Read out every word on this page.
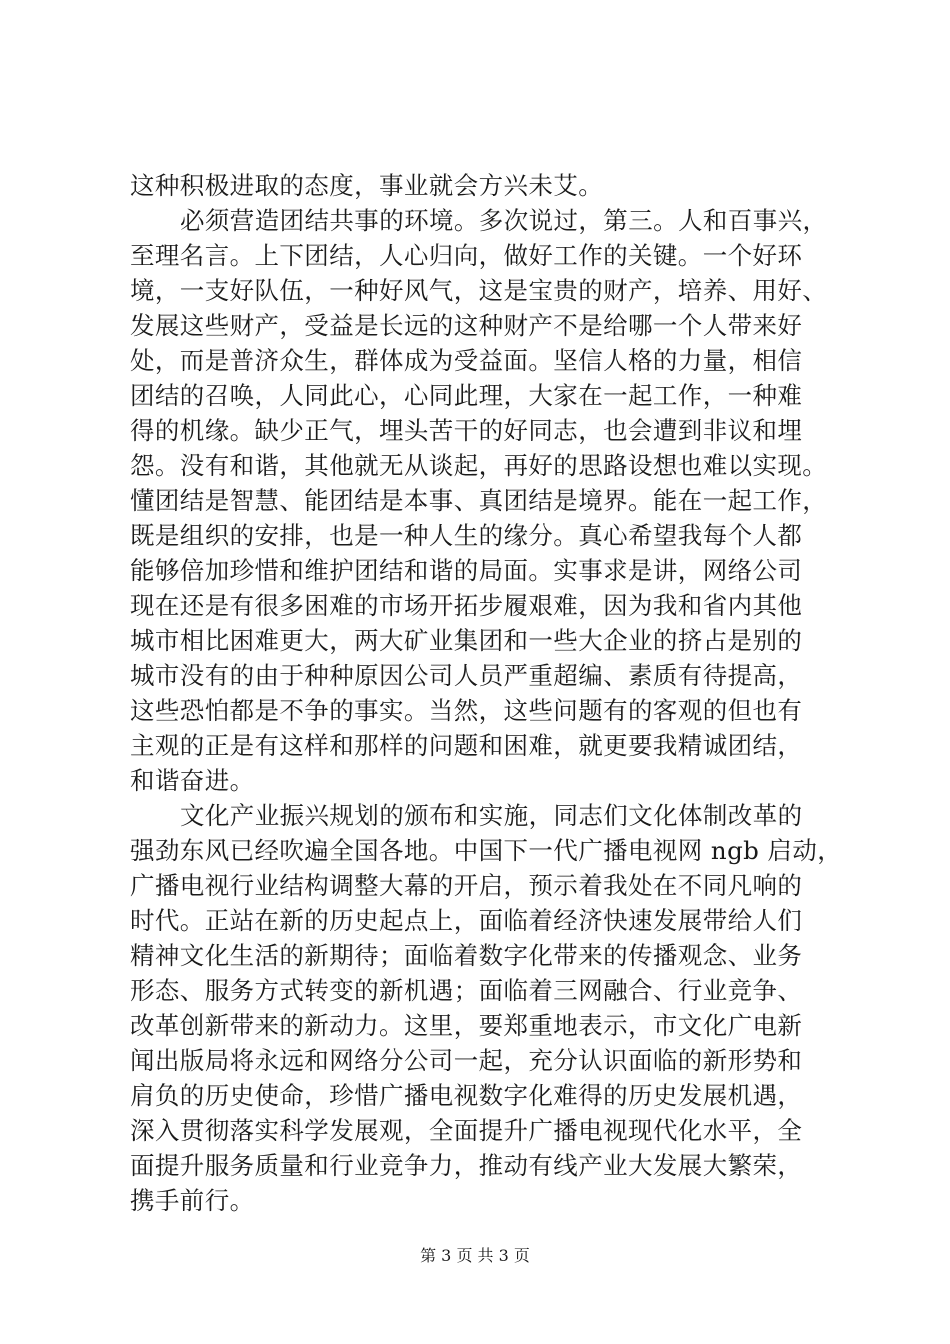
这种积极进取的态度，事业就会方兴未艾。
必须营造团结共事的环境。多次说过，第三。人和百事兴，
至理名言。上下团结，人心归向，做好工作的关键。一个好环
境，一支好队伍，一种好风气，这是宝贵的财产，培养、用好、
发展这些财产，受益是长远的这种财产不是给哪一个人带来好
处，而是普济众生，群体成为受益面。坚信人格的力量，相信
团结的召唤，人同此心，心同此理，大家在一起工作，一种难
得的机缘。缺少正气，埋头苦干的好同志，也会遭到非议和埋
怨。没有和谐，其他就无从谈起，再好的思路设想也难以实现。
懂团结是智慧、能团结是本事、真团结是境界。能在一起工作，
既是组织的安排，也是一种人生的缘分。真心希望我每个人都
能够倍加珍惜和维护团结和谐的局面。实事求是讲，网络公司
现在还是有很多困难的市场开拓步履艰难，因为我和省内其他
城市相比困难更大，两大矿业集团和一些大企业的挤占是别的
城市没有的由于种种原因公司人员严重超编、素质有待提高，
这些恐怕都是不争的事实。当然，这些问题有的客观的但也有
主观的正是有这样和那样的问题和困难，就更要我精诚团结，
和谐奋进。
文化产业振兴规划的颁布和实施，同志们文化体制改革的
强劲东风已经吹遍全国各地。中国下一代广播电视网 ngb 启动，
广播电视行业结构调整大幕的开启，预示着我处在不同凡响的
时代。正站在新的历史起点上，面临着经济快速发展带给人们
精神文化生活的新期待；面临着数字化带来的传播观念、业务
形态、服务方式转变的新机遇；面临着三网融合、行业竞争、
改革创新带来的新动力。这里，要郑重地表示，市文化广电新
闻出版局将永远和网络分公司一起，充分认识面临的新形势和
肩负的历史使命，珍惜广播电视数字化难得的历史发展机遇，
深入贯彻落实科学发展观，全面提升广播电视现代化水平，全
面提升服务质量和行业竞争力，推动有线产业大发展大繁荣，
携手前行。
第 3 页 共 3 页
